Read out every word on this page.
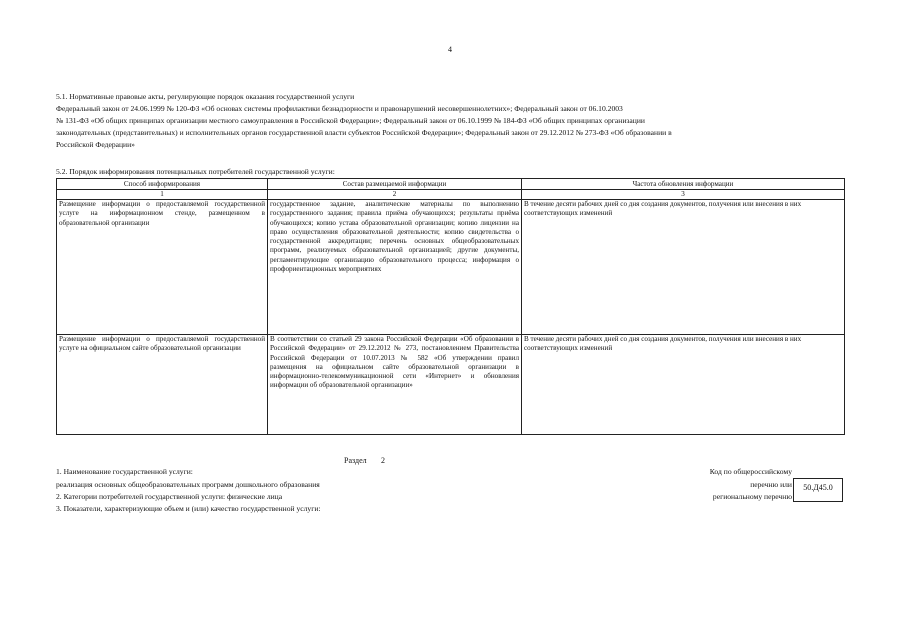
4
5.1. Нормативные правовые акты, регулирующие порядок оказания государственной услуги
Федеральный закон от 24.06.1999 № 120-ФЗ «Об основах системы профилактики безнадзорности и правонарушений несовершеннолетних»; Федеральный закон от 06.10.2003
№ 131-ФЗ «Об общих принципах организации местного самоуправления в Российской Федерации»; Федеральный закон от 06.10.1999 № 184-ФЗ «Об общих принципах организации
законодательных (представительных) и исполнительных органов государственной власти субъектов Российской Федерации»; Федеральный закон от 29.12.2012 № 273-ФЗ «Об образовании в
Российской Федерации»
5.2. Порядок информирования потенциальных потребителей государственной услуги:
Способ информирования	Состав размещаемой информации	Частота обновления информации
1	2	3
Размещение информации о предоставляемой государственной услуге на информационном стенде, размещенном в образовательной организации	государственное задание, аналитические материалы по выполнению государственного задания; правила приёма обучающихся; результаты приёма обучающихся; копию устава образовательной организации; копию лицензии на право осуществления образовательной деятельности; копию свидетельства о государственной аккредитации; перечень основных общеобразовательных программ, реализуемых образовательной организацией; другие документы, регламентирующие организацию образовательного процесса; информация о профориентационных мероприятиях	В течение десяти рабочих дней со дня создания документов, получения или внесения в них соответствующих изменений
Размещение информации о предоставляемой государственной услуге на официальном сайте образовательной организации	В соответствии со статьей 29 закона Российской Федерации «Об образовании в Российской Федерации» от 29.12.2012 № 273, постановлением Правительства Российской Федерации от 10.07.2013 № 582 «Об утверждении правил размещения на официальном сайте образовательной организации в информационно-телекоммуникационной сети «Интернет» и обновления информации об образовательной организации»	В течение десяти рабочих дней со дня создания документов, получения или внесения в них соответствующих изменений
Раздел 2
1. Наименование государственной услуги:
реализация основных общеобразовательных программ дошкольного образования
2. Категории потребителей государственной услуги: физические лица
3. Показатели, характеризующие объем и (или) качество государственной услуги:
Код по общероссийскому
перечню или
региональному перечню
50.Д45.0
